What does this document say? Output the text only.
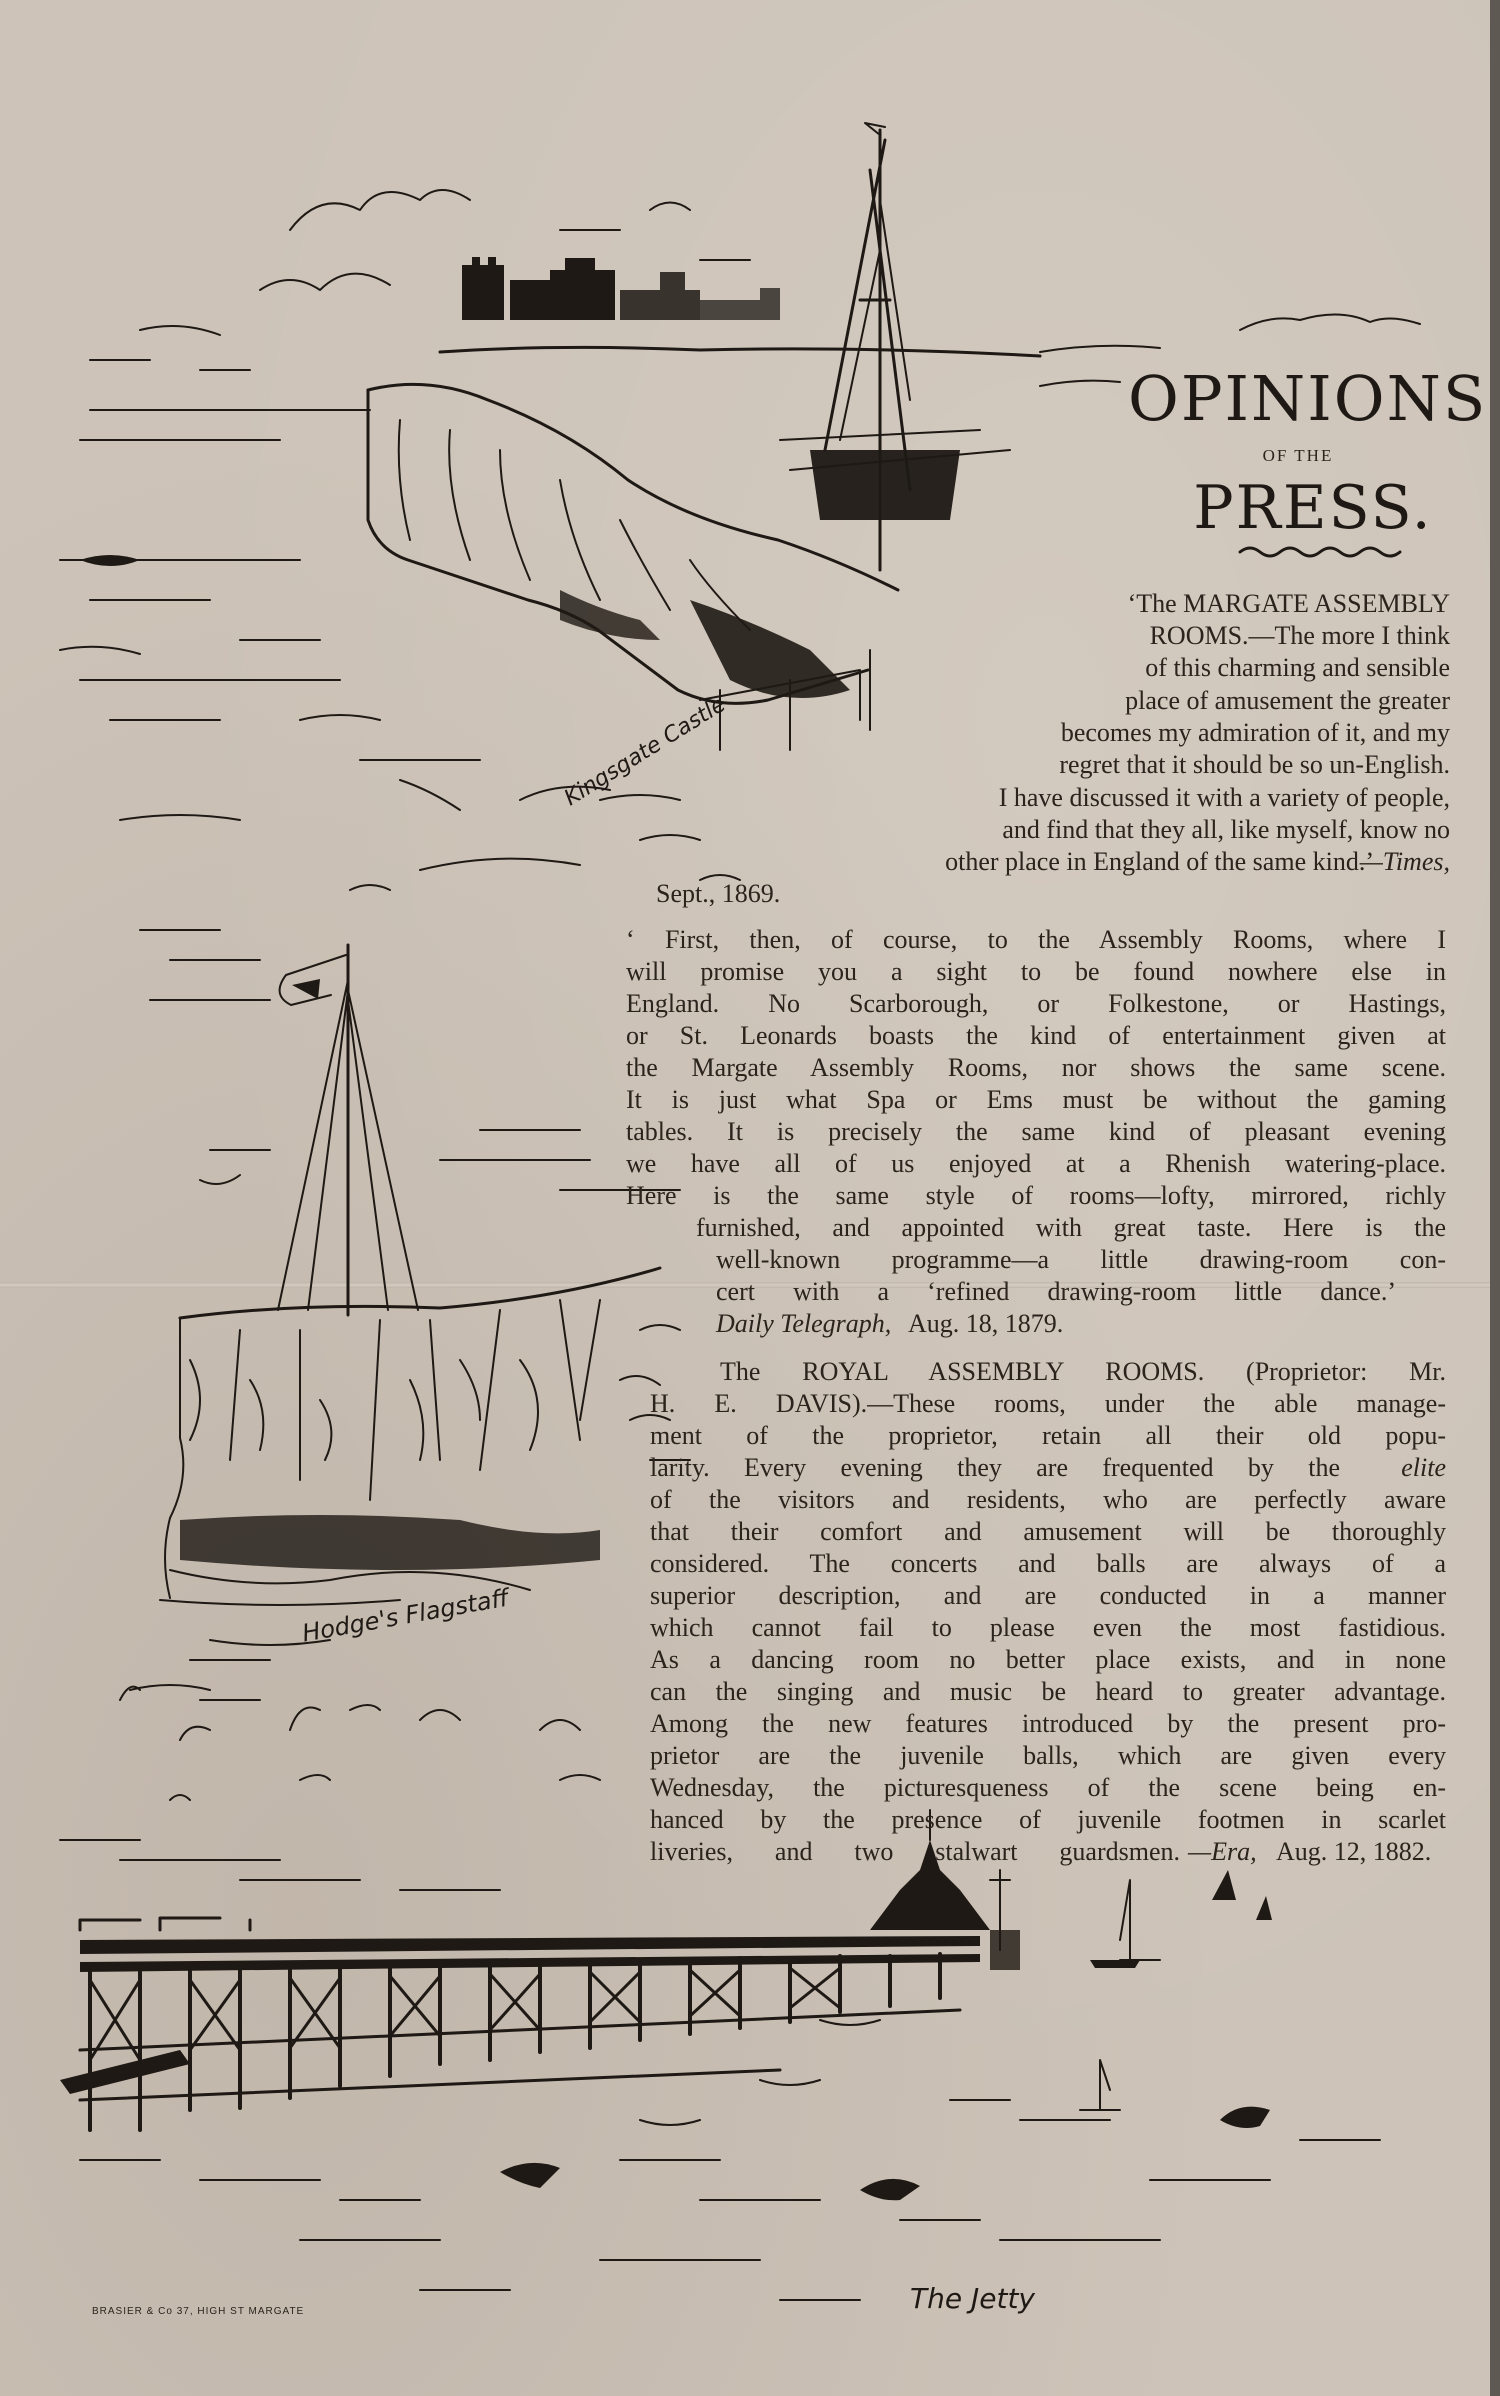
OPINIONS
OF THE
PRESS.
‘The MARGATE ASSEMBLY
ROOMS.—The more I think
of this charming and sensible
place of amusement the greater
becomes my admiration of it, and my
regret that it should be so un-English.
I have discussed it with a variety of people,
and find that they all, like myself, know no
other place in England of the same kind.’
—Times,
Sept., 1869.
‘ First, then, of course, to the Assembly Rooms, where I
will promise you a sight to be found nowhere else in
England. No Scarborough, or Folkestone, or Hastings,
or St. Leonards boasts the kind of entertainment given at
the Margate Assembly Rooms, nor shows the same scene.
It is just what Spa or Ems must be without the gaming
tables. It is precisely the same kind of pleasant evening
we have all of us enjoyed at a Rhenish watering-place.
Here is the same style of rooms—lofty, mirrored, richly
furnished, and appointed with great taste. Here is the
well-known programme—a little drawing-room con-
cert with a ‘refined drawing-room little dance.’
Daily Telegraph, Aug. 18, 1879.
The ROYAL ASSEMBLY ROOMS. (Proprietor: Mr.
H. E. DAVIS).—These rooms, under the able manage-
ment of the proprietor, retain all their old popu-
larity. Every evening they are frequented by the	elite
of the visitors and residents, who are perfectly aware
that their comfort and amusement will be thoroughly
considered. The concerts and balls are always of a
superior description, and are conducted in a manner
which cannot fail to please even the most fastidious.
As a dancing room no better place exists, and in none
can the singing and music be heard to greater advantage.
Among the new features introduced by the present pro-
prietor are the juvenile balls, which are given every
Wednesday, the picturesqueness of the scene being en-
hanced by the presence of juvenile footmen in scarlet
liveries, and two stalwart guardsmen. —Era, Aug. 12, 1882.
Kingsgate Castle
Hodge's Flagstaff
The Jetty
BRASIER & Co 37, HIGH ST MARGATE
